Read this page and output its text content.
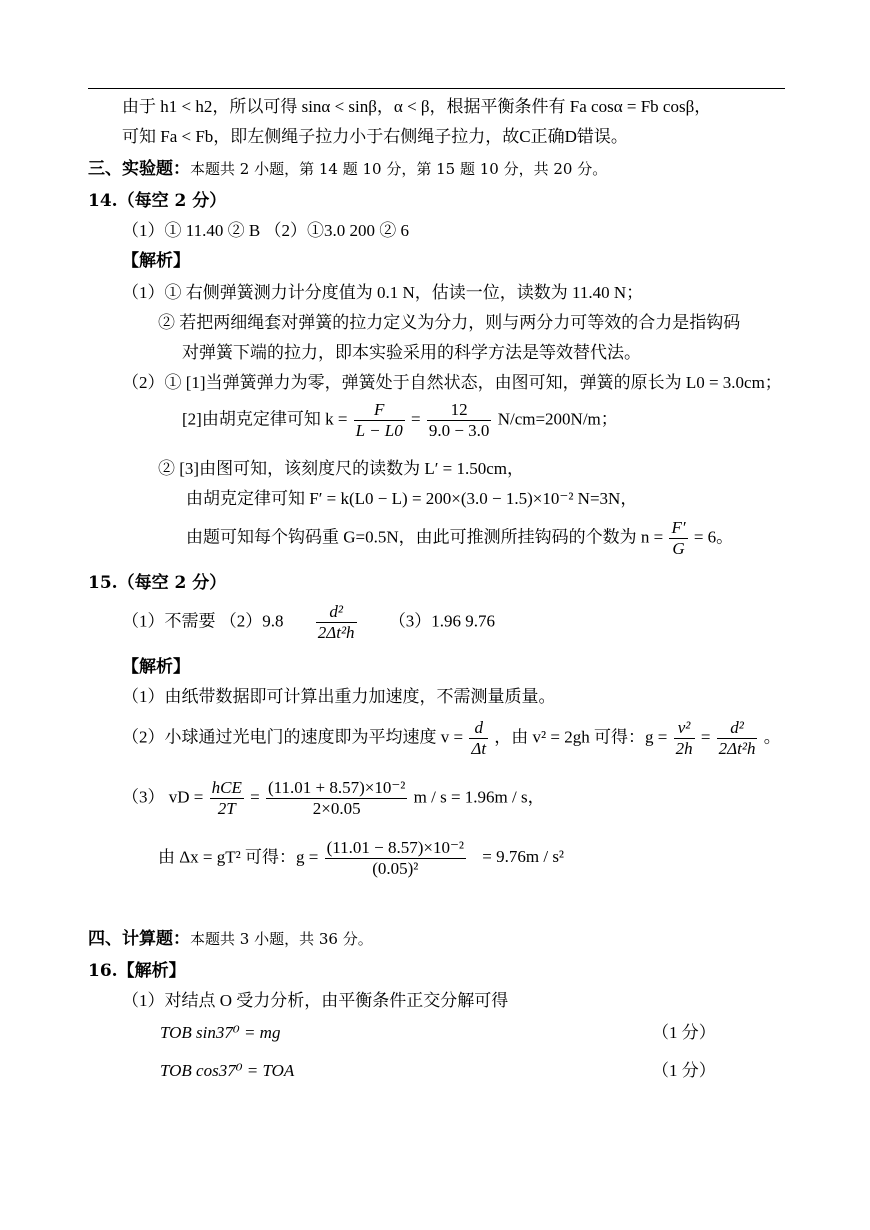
由于 h1 < h2，所以可得 sinα < sinβ，α < β，根据平衡条件有 Fa cosα = Fb cosβ，
可知 Fa < Fb，即左侧绳子拉力小于右侧绳子拉力，故C正确D错误。
三、实验题：本题共 2 小题，第 14 题 10 分，第 15 题 10 分，共 20 分。
14.（每空 2 分）
（1）① 11.40 ② B （2）①3.0 200 ② 6
【解析】
（1）① 右侧弹簧测力计分度值为 0.1 N，估读一位，读数为 11.40 N；
② 若把两细绳套对弹簧的拉力定义为分力，则与两分力可等效的合力是指钩码
对弹簧下端的拉力，即本实验采用的科学方法是等效替代法。
（2）① [1]当弹簧弹力为零，弹簧处于自然状态，由图可知，弹簧的原长为 L0 = 3.0cm；
[2]由胡克定律可知 $k = \frac{F}{L - L0} = \frac{12}{9.0 - 3.0} N/cm=200N/m$；
② [3]由图可知，该刻度尺的读数为 L′ = 1.50cm，
由胡克定律可知 F′ = k(L0 − L) = 200×(3.0 − 1.5)×10⁻² N=3N，
由题可知每个钩码重 G=0.5N，由此可推测所挂钩码的个数为 $n = \frac{F'}{G} = 6$。
15.（每空 2 分）
（1）不需要 $(2)9.8 \frac{\text{d²}}{\text{2Δt²h}} (3)1.96$ 9.76
【解析】
（1）由纸带数据即可计算出重力加速度，不需测量质量。
（2）小球通过光电门的速度即为平均速度 $v = \frac{d}{\Delta t}$ ，由 v² = 2gh 可得：$g = \frac{\text{v²}}{2h} = \frac{\text{d²}}{\text{2Δt²h}}$ 。
（3） vD = $\frac{\text{hCE}}{2T} = \frac{\text{(11.01 + 8.57)×10⁻²}}{2\times 0.05}$ m / s = 1.96m / s，
由 Δx = gT² 可得：$g = \frac{\text{(11.01 − 8.57)×10⁻²}}{\text{(0.05)²}} = 9.76m / s^2$
四、计算题：本题共 3 小题，共 36 分。
16.【解析】
（1）对结点 O 受力分析，由平衡条件正交分解可得
TOB sin37⁰ = mg	（1 分）
TOB cos37⁰ = TOA	（1 分）
